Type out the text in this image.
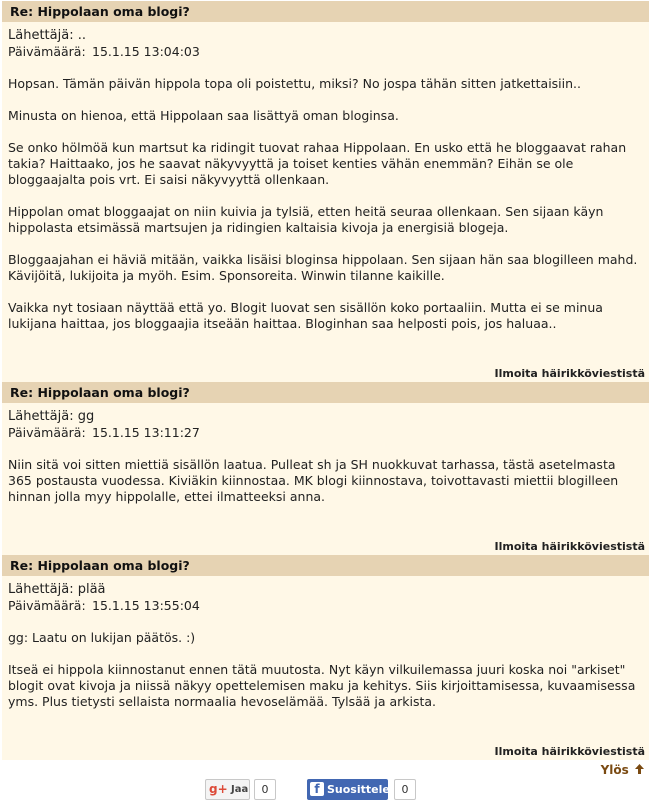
Re: Hippolaan oma blogi?
Lähettäjä: ..
Päivämäärä: 15.1.15 13:04:03

Hopsan. Tämän päivän hippola topa oli poistettu, miksi? No jospa tähän sitten jatkettaisiin..

Minusta on hienoa, että Hippolaan saa lisättyä oman bloginsa.

Se onko hölmöä kun martsut ka ridingit tuovat rahaa Hippolaan. En usko että he bloggaavat rahan takia? Haittaako, jos he saavat näkyvyyttä ja toiset kenties vähän enemmän? Eihän se ole bloggaajalta pois vrt. Ei saisi näkyvyyttä ollenkaan.

Hippolan omat bloggaajat on niin kuivia ja tylsiä, etten heitä seuraa ollenkaan. Sen sijaan käyn hippolasta etsimässä martsujen ja ridingien kaltaisia kivoja ja energisiä blogeja.

Bloggaajahan ei häviä mitään, vaikka lisäisi bloginsa hippolaan. Sen sijaan hän saa blogilleen mahd. Kävijöitä, lukijoita ja myöh. Esim. Sponsoreita. Winwin tilanne kaikille.

Vaikka nyt tosiaan näyttää että yo. Blogit luovat sen sisällön koko portaaliin. Mutta ei se minua lukijana haittaa, jos bloggaajia itseään haittaa. Bloginhan saa helposti pois, jos haluaa..

Ilmoita häirikköviestistä
Re: Hippolaan oma blogi?
Lähettäjä: gg
Päivämäärä: 15.1.15 13:11:27

Niin sitä voi sitten miettiä sisällön laatua. Pulleat sh ja SH nuokkuvat tarhassa, tästä asetelmasta 365 postausta vuodessa. Kiviäkin kiinnostaa. MK blogi kiinnostava, toivottavasti miettii blogilleen hinnan jolla myy hippolalle, ettei ilmatteeksi anna.

Ilmoita häirikköviestistä
Re: Hippolaan oma blogi?
Lähettäjä: plää
Päivämäärä: 15.1.15 13:55:04

gg: Laatu on lukijan päätös. :)

Itseä ei hippola kiinnostanut ennen tätä muutosta. Nyt käyn vilkuilemassa juuri koska noi "arkiset" blogit ovat kivoja ja niissä näkyy opettelemisen maku ja kehitys. Siis kirjoittamisessa, kuvaamisessa yms. Plus tietysti sellaista normaalia hevoselämää. Tylsää ja arkista.

Ilmoita häirikköviestistä
Ylös
g+ Jaa	0	f Suosittele	0
